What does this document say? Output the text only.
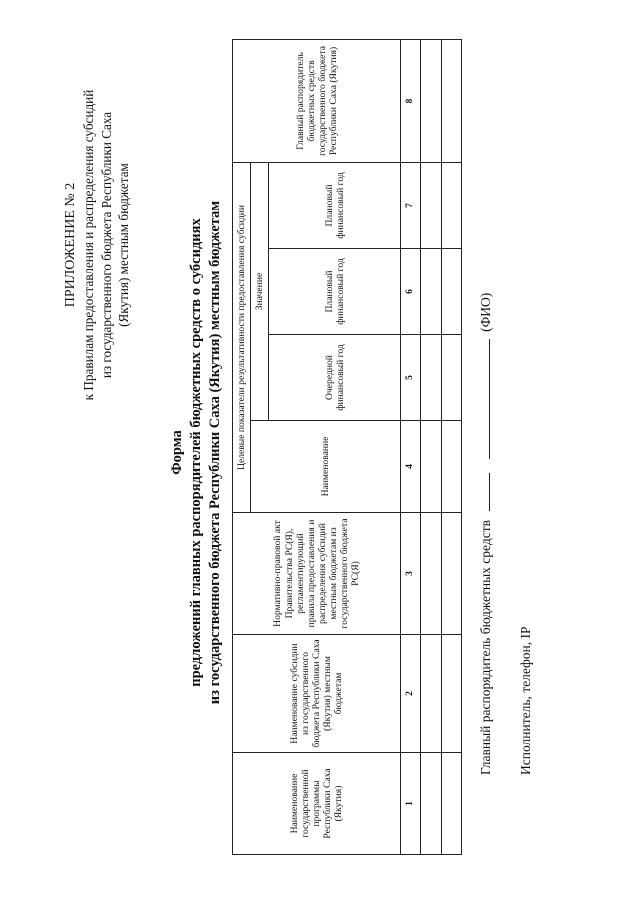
ПРИЛОЖЕНИЕ № 2 к Правилам предоставления и распределения субсидий из государственного бюджета Республики Саха (Якутия) местным бюджетам
Форма предложений главных распорядителей бюджетных средств о субсидиях из государственного бюджета Республики Саха (Якутия) местным бюджетам
Наименование государственной программы Республики Саха (Якутия)	Наименование субсидии из государственного бюджета Республики Саха (Якутия) местным бюджетам	Нормативно-правовой акт Правительства РС(Я), регламентирующий правила предоставления и распределения субсидий местным бюджетам из государственного бюджета РС(Я)	Целевые показатели результативности предоставления субсидии				Главный распорядитель бюджетных средств государственного бюджета Республики Саха (Якутия)
			Наименование	Значение			
				Очередной финансовый год	Плановый финансовый год	Плановый финансовый год	
1	2	3	4	5	6	7	8

Главный распорядитель бюджетных средств   (ФИО)
Исполнитель, телефон, IP
